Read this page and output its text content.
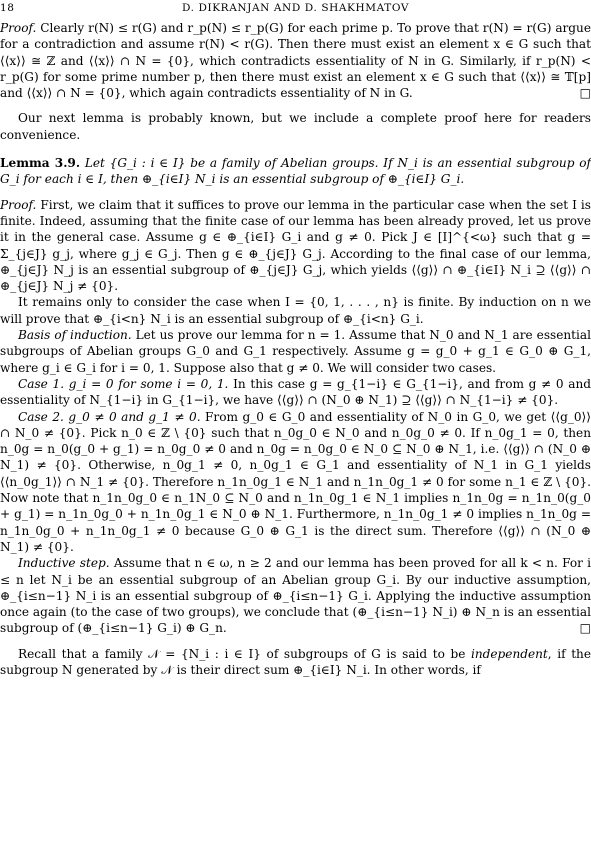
18	D. DIKRANJAN AND D. SHAKHMATOV

Proof. Clearly r(N) ≤ r(G) and r_p(N) ≤ r_p(G) for each prime p. To prove that r(N) = r(G) argue for a contradiction and assume r(N) < r(G). Then there must exist an element x ∈ G such that ⟨⟨x⟩⟩ ≅ ℤ and ⟨⟨x⟩⟩ ∩ N = {0}, which contradicts essentiality of N in G. Similarly, if r_p(N) < r_p(G) for some prime number p, then there must exist an element x ∈ G such that ⟨⟨x⟩⟩ ≅ 𝕋[p] and ⟨⟨x⟩⟩ ∩ N = {0}, which again contradicts essentiality of N in G.	□

Our next lemma is probably known, but we include a complete proof here for readers convenience.

Lemma 3.9. Let {G_i : i ∈ I} be a family of Abelian groups. If N_i is an essential subgroup of G_i for each i ∈ I, then ⊕_{i∈I} N_i is an essential subgroup of ⊕_{i∈I} G_i.

Proof. First, we claim that it suffices to prove our lemma in the particular case when the set I is finite. Indeed, assuming that the finite case of our lemma has been already proved, let us prove it in the general case. Assume g ∈ ⊕_{i∈I} G_i and g ≠ 0. Pick J ∈ [I]^{<ω} such that g = Σ_{j∈J} g_j, where g_j ∈ G_j. Then g ∈ ⊕_{j∈J} G_j. According to the final case of our lemma, ⊕_{j∈J} N_j is an essential subgroup of ⊕_{j∈J} G_j, which yields ⟨⟨g⟩⟩ ∩ ⊕_{i∈I} N_i ⊇ ⟨⟨g⟩⟩ ∩ ⊕_{j∈J} N_j ≠ {0}.

It remains only to consider the case when I = {0, 1, . . . , n} is finite. By induction on n we will prove that ⊕_{i<n} N_i is an essential subgroup of ⊕_{i<n} G_i.

Basis of induction. Let us prove our lemma for n = 1. Assume that N_0 and N_1 are essential subgroups of Abelian groups G_0 and G_1 respectively. Assume g = g_0 + g_1 ∈ G_0 ⊕ G_1, where g_i ∈ G_i for i = 0, 1. Suppose also that g ≠ 0. We will consider two cases.

Case 1. g_i = 0 for some i = 0, 1. In this case g = g_{1−i} ∈ G_{1−i}, and from g ≠ 0 and essentiality of N_{1−i} in G_{1−i}, we have ⟨⟨g⟩⟩ ∩ (N_0 ⊕ N_1) ⊇ ⟨⟨g⟩⟩ ∩ N_{1−i} ≠ {0}.

Case 2. g_0 ≠ 0 and g_1 ≠ 0. From g_0 ∈ G_0 and essentiality of N_0 in G_0, we get ⟨⟨g_0⟩⟩ ∩ N_0 ≠ {0}. Pick n_0 ∈ ℤ \ {0} such that n_0g_0 ∈ N_0 and n_0g_0 ≠ 0. If n_0g_1 = 0, then n_0g = n_0(g_0 + g_1) = n_0g_0 ≠ 0 and n_0g = n_0g_0 ∈ N_0 ⊆ N_0 ⊕ N_1, i.e. ⟨⟨g⟩⟩ ∩ (N_0 ⊕ N_1) ≠ {0}. Otherwise, n_0g_1 ≠ 0, n_0g_1 ∈ G_1 and essentiality of N_1 in G_1 yields ⟨⟨n_0g_1⟩⟩ ∩ N_1 ≠ {0}. Therefore n_1n_0g_1 ∈ N_1 and n_1n_0g_1 ≠ 0 for some n_1 ∈ ℤ \ {0}. Now note that n_1n_0g_0 ∈ n_1N_0 ⊆ N_0 and n_1n_0g_1 ∈ N_1 implies n_1n_0g = n_1n_0(g_0 + g_1) = n_1n_0g_0 + n_1n_0g_1 ∈ N_0 ⊕ N_1. Furthermore, n_1n_0g_1 ≠ 0 implies n_1n_0g = n_1n_0g_0 + n_1n_0g_1 ≠ 0 because G_0 ⊕ G_1 is the direct sum. Therefore ⟨⟨g⟩⟩ ∩ (N_0 ⊕ N_1) ≠ {0}.

Inductive step. Assume that n ∈ ω, n ≥ 2 and our lemma has been proved for all k < n. For i ≤ n let N_i be an essential subgroup of an Abelian group G_i. By our inductive assumption, ⊕_{i≤n−1} N_i is an essential subgroup of ⊕_{i≤n−1} G_i. Applying the inductive assumption once again (to the case of two groups), we conclude that (⊕_{i≤n−1} N_i) ⊕ N_n is an essential subgroup of (⊕_{i≤n−1} G_i) ⊕ G_n.	□

Recall that a family 𝒩 = {N_i : i ∈ I} of subgroups of G is said to be independent, if the subgroup N generated by 𝒩 is their direct sum ⊕_{i∈I} N_i. In other words, if
